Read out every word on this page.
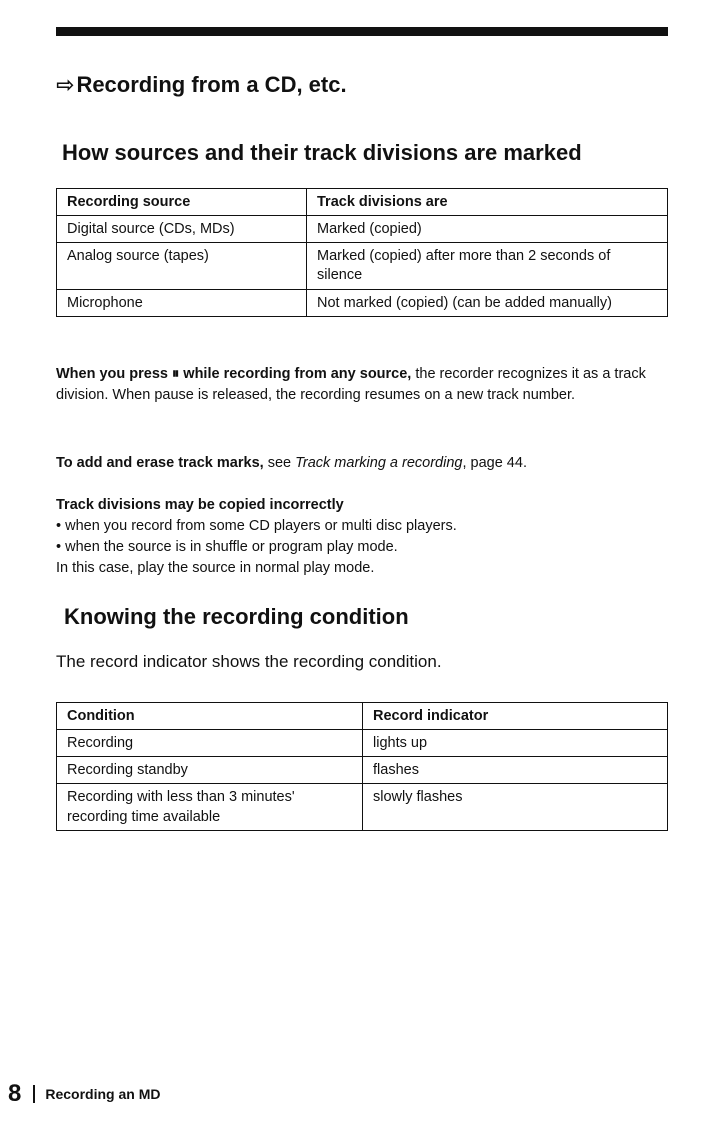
⇨Recording from a CD, etc.
How sources and their track divisions are marked
Recording source	Track divisions are
Digital source (CDs, MDs)	Marked (copied)
Analog source (tapes)	Marked (copied) after more than 2 seconds of silence
Microphone	Not marked (copied) (can be added manually)
When you press ⏸ while recording from any source, the recorder recognizes it as a track division. When pause is released, the recording resumes on a new track number.
To add and erase track marks, see Track marking a recording, page 44.
Track divisions may be copied incorrectly
• when you record from some CD players or multi disc players.
• when the source is in shuffle or program play mode.
In this case, play the source in normal play mode.
Knowing the recording condition
The record indicator shows the recording condition.
Condition	Record indicator
Recording	lights up
Recording standby	flashes
Recording with less than 3 minutes' recording time available	slowly flashes
8 Recording an MD
